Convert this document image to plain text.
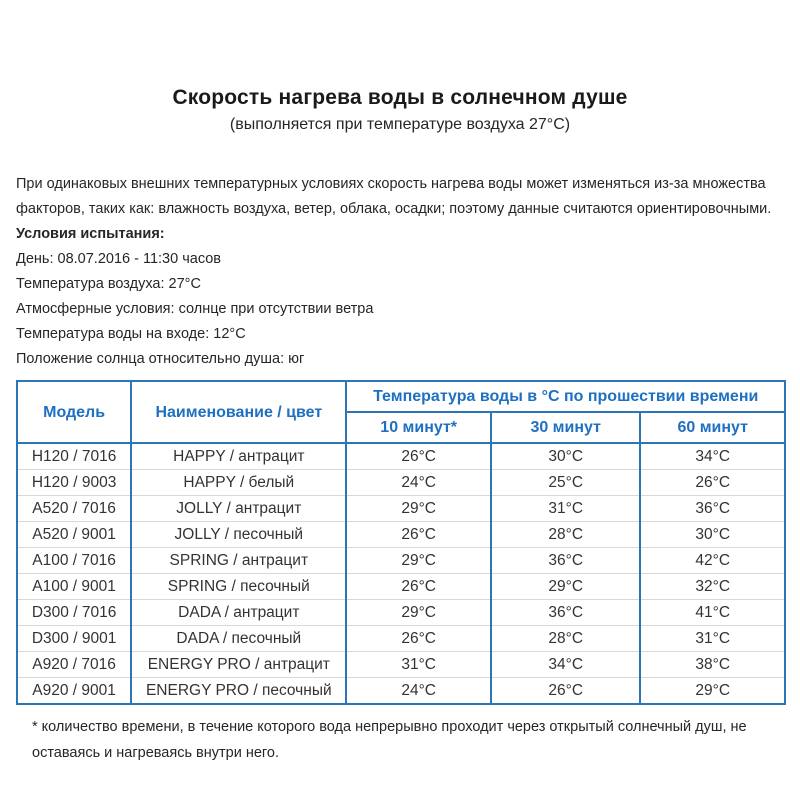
Скорость нагрева воды в солнечном душе
(выполняется при температуре воздуха 27°C)

При одинаковых внешних температурных условиях скорость нагрева воды может изменяться из-за множества факторов, таких как: влажность воздуха, ветер, облака, осадки; поэтому данные считаются ориентировочными.

Условия испытания:

День: 08.07.2016 - 11:30 часов
Температура воздуха: 27°C
Атмосферные условия: солнце при отсутствии ветра
Температура воды на входе: 12°C
Положение солнца относительно душа: юг
Модель	Наименование / цвет	Температура воды в °C по прошествии времени		
		10 минут*	30 минут	60 минут
H120 / 7016	HAPPY / антрацит	26°C	30°C	34°C
H120 / 9003	HAPPY / белый	24°C	25°C	26°C
A520 / 7016	JOLLY / антрацит	29°C	31°C	36°C
A520 / 9001	JOLLY / песочный	26°C	28°C	30°C
A100 / 7016	SPRING / антрацит	29°C	36°C	42°C
A100 / 9001	SPRING / песочный	26°C	29°C	32°C
D300 / 7016	DADA / антрацит	29°C	36°C	41°C
D300 / 9001	DADA / песочный	26°C	28°C	31°C
A920 / 7016	ENERGY PRO / антрацит	31°C	34°C	38°C
A920 / 9001	ENERGY PRO / песочный	24°C	26°C	29°C

* количество времени, в течение которого вода непрерывно проходит через открытый солнечный душ, не оставаясь и нагреваясь внутри него.
